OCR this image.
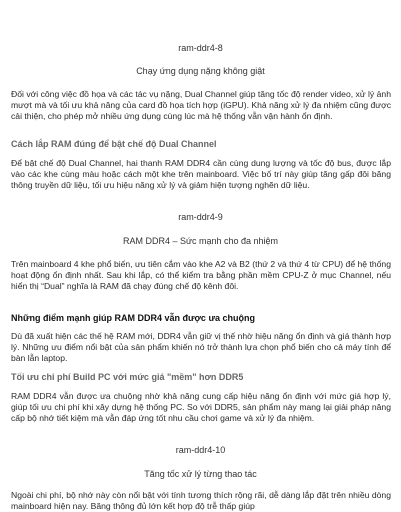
ram-ddr4-8

Chạy ứng dụng nặng không giật

Đối với công việc đồ họa và các tác vụ nặng, Dual Channel giúp tăng tốc độ render video, xử lý ảnh mượt mà và tối ưu khả năng của card đồ họa tích hợp (iGPU). Khả năng xử lý đa nhiệm cũng được cải thiện, cho phép mở nhiều ứng dụng cùng lúc mà hệ thống vẫn vận hành ổn định.

Cách lắp RAM đúng để bật chế độ Dual Channel

Để bật chế độ Dual Channel, hai thanh RAM DDR4 cần cùng dung lượng và tốc độ bus, được lắp vào các khe cùng màu hoặc cách một khe trên mainboard. Việc bố trí này giúp tăng gấp đôi băng thông truyền dữ liệu, tối ưu hiệu năng xử lý và giảm hiện tượng nghẽn dữ liệu.

ram-ddr4-9

RAM DDR4 – Sức mạnh cho đa nhiệm

Trên mainboard 4 khe phổ biến, ưu tiên cắm vào khe A2 và B2 (thứ 2 và thứ 4 từ CPU) để hệ thống hoạt động ổn định nhất. Sau khi lắp, có thể kiểm tra bằng phần mềm CPU-Z ở mục Channel, nếu hiển thị “Dual” nghĩa là RAM đã chạy đúng chế độ kênh đôi.

Những điểm mạnh giúp RAM DDR4 vẫn được ưa chuộng

Dù đã xuất hiện các thế hệ RAM mới, DDR4 vẫn giữ vị thế nhờ hiệu năng ổn định và giá thành hợp lý. Những ưu điểm nổi bật của sản phẩm khiến nó trở thành lựa chọn phổ biến cho cả máy tính để bàn lẫn laptop.

Tối ưu chi phí Build PC với mức giá "mềm" hơn DDR5

RAM DDR4 vẫn được ưa chuộng nhờ khả năng cung cấp hiệu năng ổn định với mức giá hợp lý, giúp tối ưu chi phí khi xây dựng hệ thống PC. So với DDR5, sản phẩm này mang lại giải pháp nâng cấp bộ nhớ tiết kiệm mà vẫn đáp ứng tốt nhu cầu chơi game và xử lý đa nhiệm.

ram-ddr4-10

Tăng tốc xử lý từng thao tác

Ngoài chi phí, bộ nhớ này còn nổi bật với tính tương thích rộng rãi, dễ dàng lắp đặt trên nhiều dòng mainboard hiện nay. Băng thông đủ lớn kết hợp độ trễ thấp giúp
